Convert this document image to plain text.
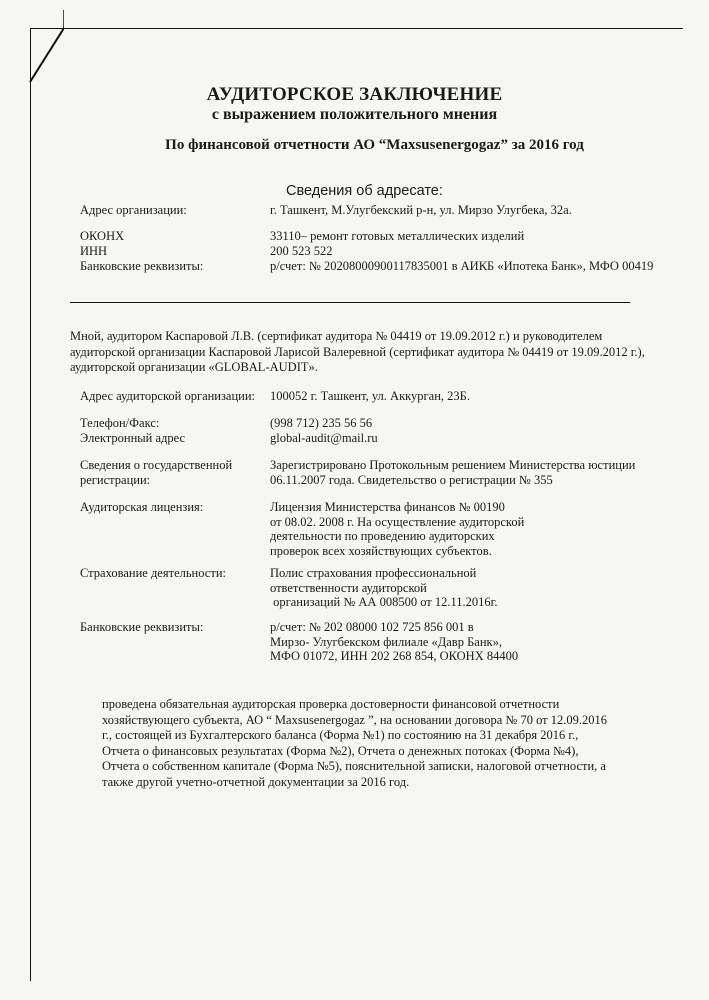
АУДИТОРСКОЕ ЗАКЛЮЧЕНИЕ
с выражением положительного мнения
По финансовой отчетности АО “Maxsusenergogaz” за 2016 год
Сведения об адресате:
Адрес организации:	г. Ташкент, М.Улугбекский р-н, ул. Мирзо Улугбека, 32а.
ОКОНХ	33110– ремонт готовых металлических изделий
ИНН	200 523 522
Банковские реквизиты:	р/счет: № 20208000900117835001 в АИКБ «Ипотека Банк», МФО 00419
Мной, аудитором Каспаровой Л.В. (сертификат аудитора № 04419 от 19.09.2012 г.) и руководителем
аудиторской организации Каспаровой Ларисой Валеревной (сертификат аудитора № 04419 от 19.09.2012 г.),
аудиторской организации «GLOBAL-AUDIT».
Адрес аудиторской организации: 100052 г. Ташкент, ул. Аккурган, 23Б.
Телефон/Факс:	(998 712) 235 56 56
Электронный адрес	global-audit@mail.ru
Сведения о государственной
регистрации:
Зарегистрировано Протокольным решением Министерства юстиции
06.11.2007 года. Свидетельство о регистрации № 355
Аудиторская лицензия:	Лицензия Министерства финансов № 00190
от 08.02. 2008 г. На осуществление аудиторской
деятельности по проведению аудиторских
проверок всех хозяйствующих субъектов.
Страхование деятельности:	Полис страхования профессиональной
ответственности аудиторской
организаций № АА 008500 от 12.11.2016г.
Банковские реквизиты:	р/счет: № 202 08000 102 725 856 001 в
Мирзо- Улугбекском филиале «Давр Банк»,
МФО 01072, ИНН 202 268 854, ОКОНХ 84400
проведена обязательная аудиторская проверка достоверности финансовой отчетности
хозяйствующего субъекта, АО “ Maxsusenergogaz ”, на основании договора № 70 от 12.09.2016
г., состоящей из Бухгалтерского баланса (Форма №1) по состоянию на 31 декабря 2016 г.,
Отчета о финансовых результатах (Форма №2), Отчета о денежных потоках (Форма №4),
Отчета о собственном капитале (Форма №5), пояснительной записки, налоговой отчетности, а
также другой учетно-отчетной документации за 2016 год.
